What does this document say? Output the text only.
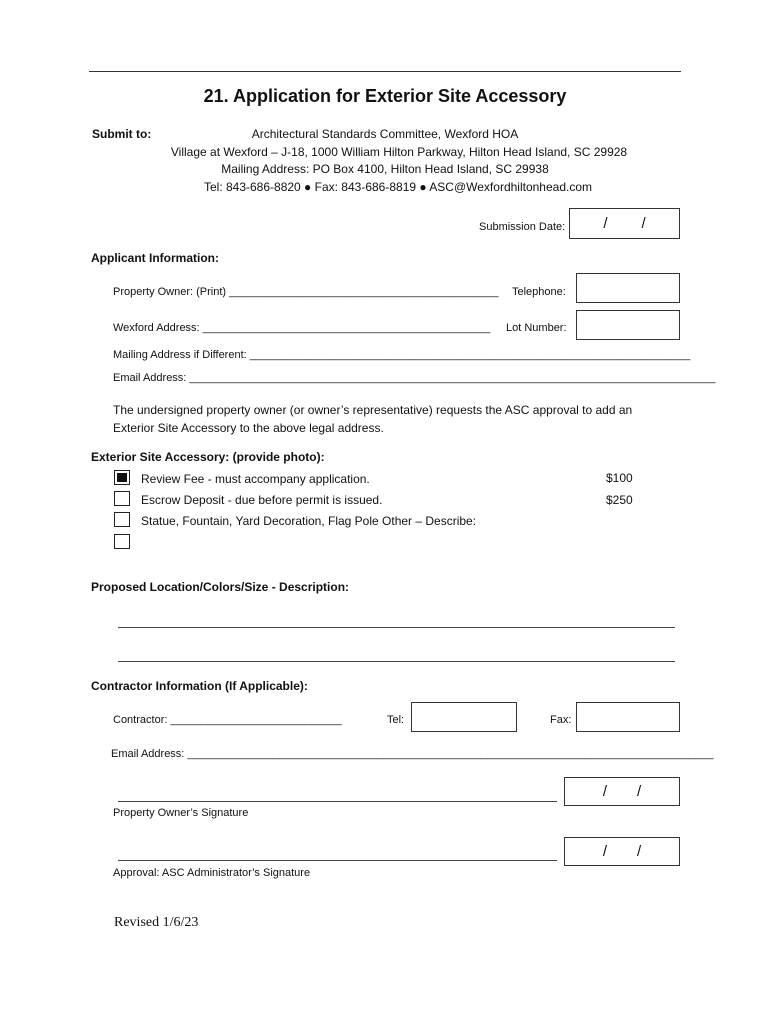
21. Application for Exterior Site Accessory
Submit to:	Architectural Standards Committee, Wexford HOA
Village at Wexford – J-18, 1000 William Hilton Parkway, Hilton Head Island, SC 29928
Mailing Address: PO Box 4100, Hilton Head Island, SC 29938
Tel: 843-686-8820 ● Fax: 843-686-8819 ● ASC@Wexfordhiltonhead.com
Submission Date:	/ /
Applicant Information:
Property Owner: (Print) ____________________________________________ Telephone:
Wexford Address: _______________________________________________ Lot Number:
Mailing Address if Different: ________________________________________________________________________
Email Address: ______________________________________________________________________________________
The undersigned property owner (or owner’s representative) requests the ASC approval to add an
Exterior Site Accessory to the above legal address.
Exterior Site Accessory: (provide photo):
Review Fee - must accompany application.	$100
Escrow Deposit - due before permit is issued.	$250
Statue, Fountain, Yard Decoration, Flag Pole Other – Describe:
Proposed Location/Colors/Size - Description:
Contractor Information (If Applicable):
Contractor: ____________________________	Tel:	Fax:
Email Address: ______________________________________________________________________________________
/ /
Property Owner’s Signature
/ /
Approval: ASC Administrator’s Signature
Revised 1/6/23
